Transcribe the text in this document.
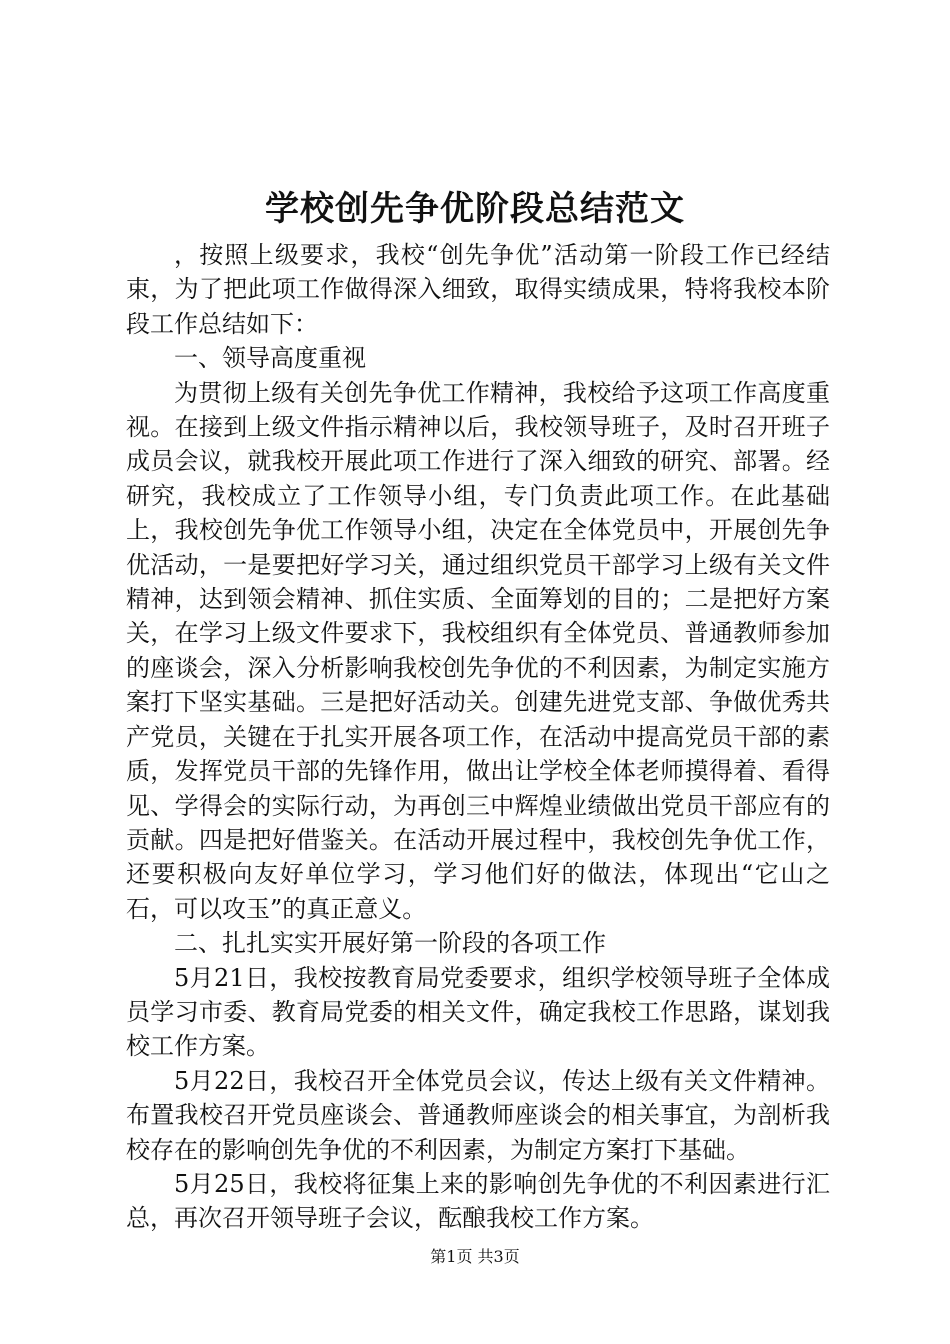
学校创先争优阶段总结范文

，按照上级要求，我校“创先争优”活动第一阶段工作已经结束，为了把此项工作做得深入细致，取得实绩成果，特将我校本阶段工作总结如下：

一、领导高度重视

为贯彻上级有关创先争优工作精神，我校给予这项工作高度重视。在接到上级文件指示精神以后，我校领导班子，及时召开班子成员会议，就我校开展此项工作进行了深入细致的研究、部署。经研究，我校成立了工作领导小组，专门负责此项工作。在此基础上，我校创先争优工作领导小组，决定在全体党员中，开展创先争优活动，一是要把好学习关，通过组织党员干部学习上级有关文件精神，达到领会精神、抓住实质、全面筹划的目的；二是把好方案关，在学习上级文件要求下，我校组织有全体党员、普通教师参加的座谈会，深入分析影响我校创先争优的不利因素，为制定实施方案打下坚实基础。三是把好活动关。创建先进党支部、争做优秀共产党员，关键在于扎实开展各项工作，在活动中提高党员干部的素质，发挥党员干部的先锋作用，做出让学校全体老师摸得着、看得见、学得会的实际行动，为再创三中辉煌业绩做出党员干部应有的贡献。四是把好借鉴关。在活动开展过程中，我校创先争优工作，还要积极向友好单位学习，学习他们好的做法，体现出“它山之石，可以攻玉”的真正意义。

二、扎扎实实开展好第一阶段的各项工作

5月21日，我校按教育局党委要求，组织学校领导班子全体成员学习市委、教育局党委的相关文件，确定我校工作思路，谋划我校工作方案。

5月22日，我校召开全体党员会议，传达上级有关文件精神。布置我校召开党员座谈会、普通教师座谈会的相关事宜，为剖析我校存在的影响创先争优的不利因素，为制定方案打下基础。

5月25日，我校将征集上来的影响创先争优的不利因素进行汇总，再次召开领导班子会议，酝酿我校工作方案。

第1页 共3页
